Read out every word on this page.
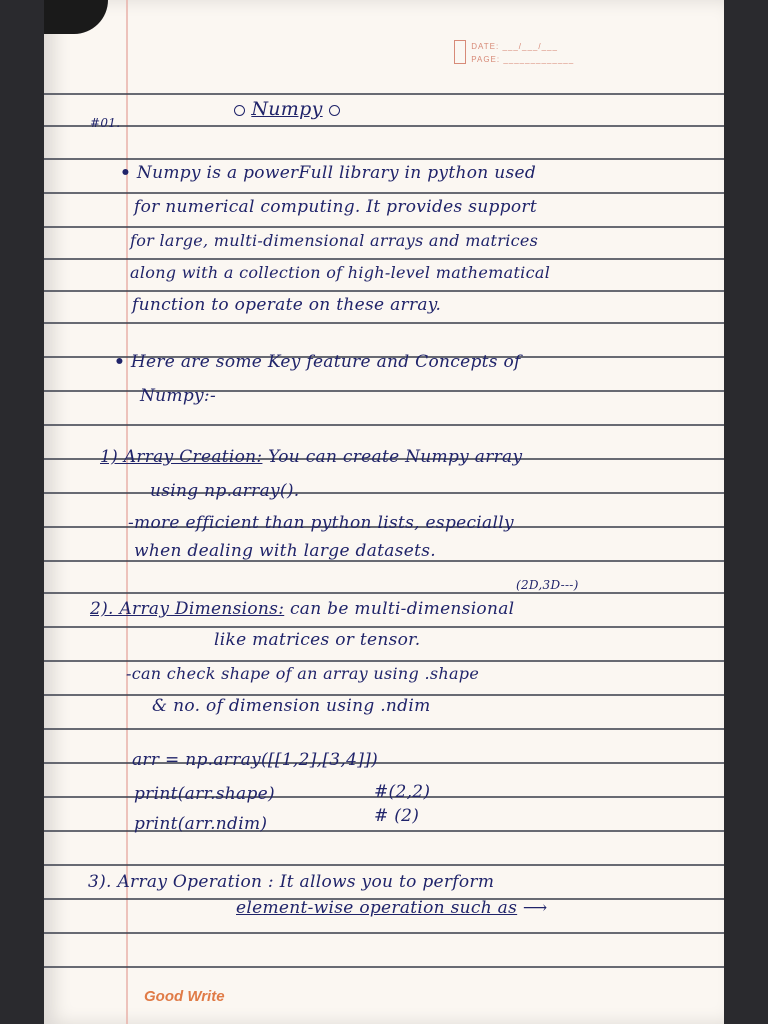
DATE: ___/___/___
PAGE: _____________
#01.
Numpy
• Numpy is a powerFull library in python used
for numerical computing. It provides support
for large, multi-dimensional arrays and matrices
along with a collection of high-level mathematical
function to operate on these array.
• Here are some Key feature and Concepts of
Numpy:-
1) Array Creation: You can create Numpy array
using np.array().
-more efficient than python lists, especially
when dealing with large datasets.
(2D,3D---)
2). Array Dimensions: can be multi-dimensional
like matrices or tensor.
-can check shape of an array using .shape
& no. of dimension using .ndim
arr = np.array([[1,2],[3,4]])
print(arr.shape)	#(2,2)
print(arr.ndim)	# (2)
3). Array Operation : It allows you to perform
element-wise operation such as ⟶
Good Write
